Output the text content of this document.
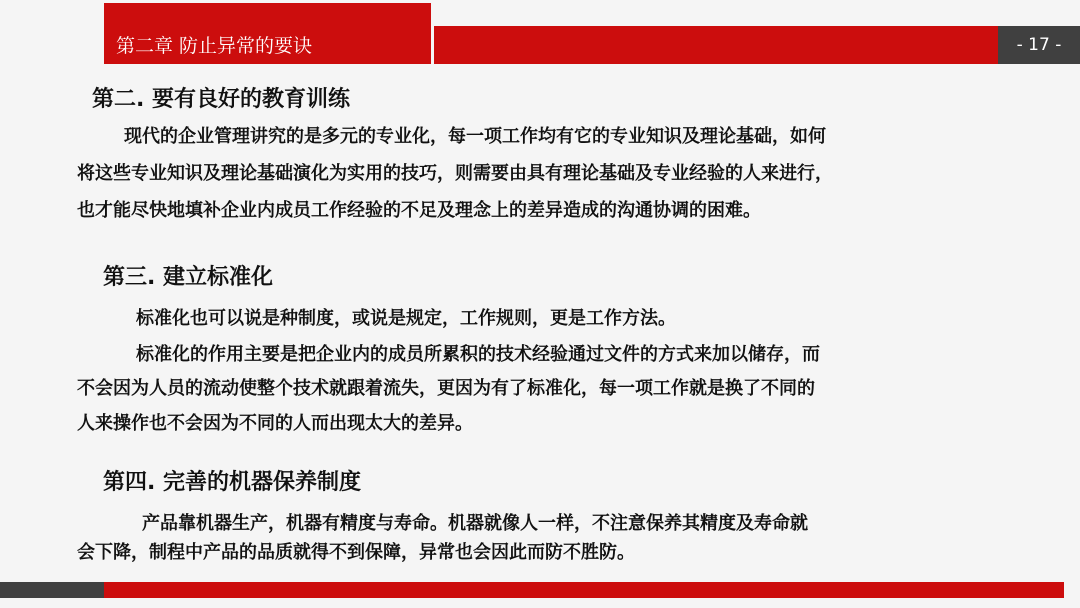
第二章 防止异常的要诀	- 17 -
第二. 要有良好的教育训练
现代的企业管理讲究的是多元的专业化，每一项工作均有它的专业知识及理论基础，如何
将这些专业知识及理论基础演化为实用的技巧，则需要由具有理论基础及专业经验的人来进行，
也才能尽快地填补企业内成员工作经验的不足及理念上的差异造成的沟通协调的困难。
第三. 建立标准化
标准化也可以说是种制度，或说是规定，工作规则，更是工作方法。
标准化的作用主要是把企业内的成员所累积的技术经验通过文件的方式来加以储存，而
不会因为人员的流动使整个技术就跟着流失，更因为有了标准化，每一项工作就是换了不同的
人来操作也不会因为不同的人而出现太大的差异。
第四. 完善的机器保养制度
产品靠机器生产，机器有精度与寿命。机器就像人一样，不注意保养其精度及寿命就
会下降，制程中产品的品质就得不到保障，异常也会因此而防不胜防。
